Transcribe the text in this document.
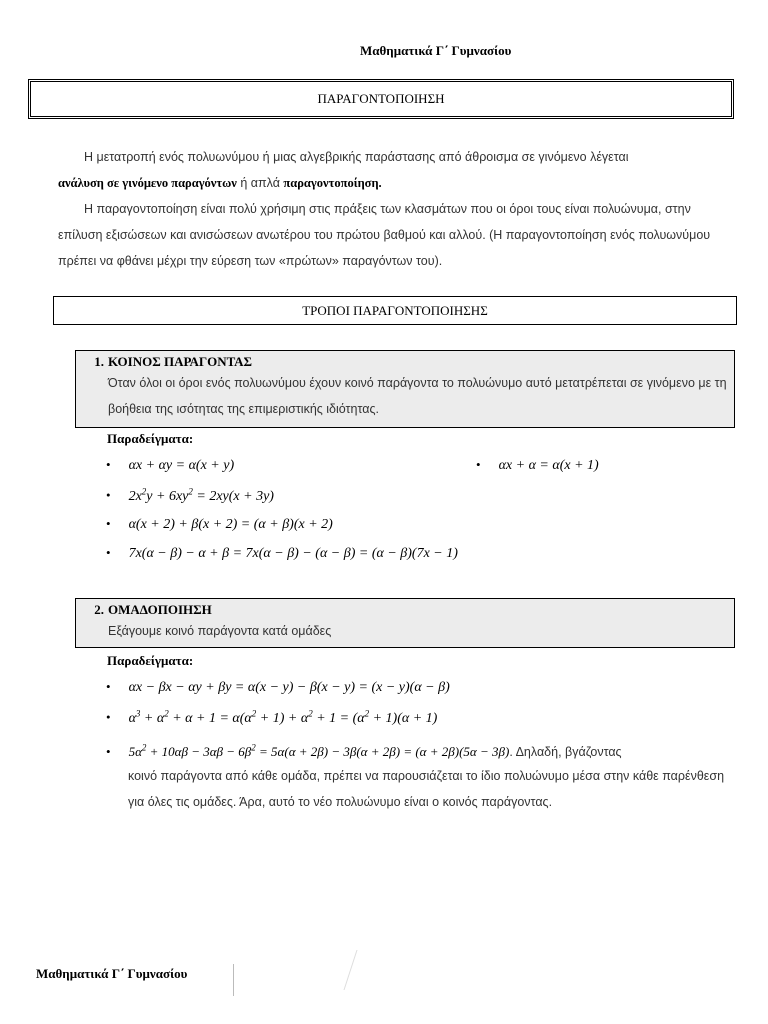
Μαθηματικά Γ΄ Γυμνασίου
ΠΑΡΑΓΟΝΤΟΠΟΙΗΣΗ

Η μετατροπή ενός πολυωνύμου ή μιας αλγεβρικής παράστασης από άθροισμα σε γινόμενο λέγεται
ανάλυση σε γινόμενο παραγόντων ή απλά παραγοντοποίηση.

Η παραγοντοποίηση είναι πολύ χρήσιμη στις πράξεις των κλασμάτων που οι όροι τους είναι πολυώνυμα, στην επίλυση εξισώσεων και ανισώσεων ανωτέρου του πρώτου βαθμού και αλλού. (Η παραγοντοποίηση ενός πολυωνύμου πρέπει να φθάνει μέχρι την εύρεση των «πρώτων» παραγόντων του).

ΤΡΟΠΟΙ ΠΑΡΑΓΟΝΤΟΠΟΙΗΣΗΣ
1. ΚΟΙΝΟΣ ΠΑΡΑΓΟΝΤΑΣ
Όταν όλοι οι όροι ενός πολυωνύμου έχουν κοινό παράγοντα το πολυώνυμο αυτό μετατρέπεται σε γινόμενο με τη βοήθεια της ισότητας της επιμεριστικής ιδιότητας.
Παραδείγματα:
• αx + αy = α(x + y)	• αx + α = α(x + 1)
• $2x^2y + 6xy^2 = 2xy(x + 3y)$
• α(x + 2) + β(x + 2) = (α + β)(x + 2)
• 7x(α − β) − α + β = 7x(α − β) − (α − β) = (α − β)(7x − 1)
2. ΟΜΑΔΟΠΟΙΗΣΗ
Εξάγουμε κοινό παράγοντα κατά ομάδες
Παραδείγματα:
• αx − βx − αy + βy = α(x − y) − β(x − y) = (x − y)(α − β)
• $\alpha^3 + \alpha^2 + \alpha + 1 = \alpha(\alpha^2 + 1) + \alpha^2 + 1 = (\alpha^2 + 1)(\alpha + 1)$
• $5\alpha^2 + 10\alpha\beta - 3\alpha\beta - 6\beta^2 = 5\alpha(\alpha + 2\beta) - 3\beta(\alpha + 2\beta) = (\alpha + 2\beta)(5\alpha - 3\beta)$. Δηλαδή, βγάζοντας
κοινό παράγοντα από κάθε ομάδα, πρέπει να παρουσιάζεται το ίδιο πολυώνυμο μέσα στην κάθε παρένθεση για όλες τις ομάδες. Άρα, αυτό το νέο πολυώνυμο είναι ο κοινός παράγοντας.
Μαθηματικά Γ΄ Γυμνασίου
